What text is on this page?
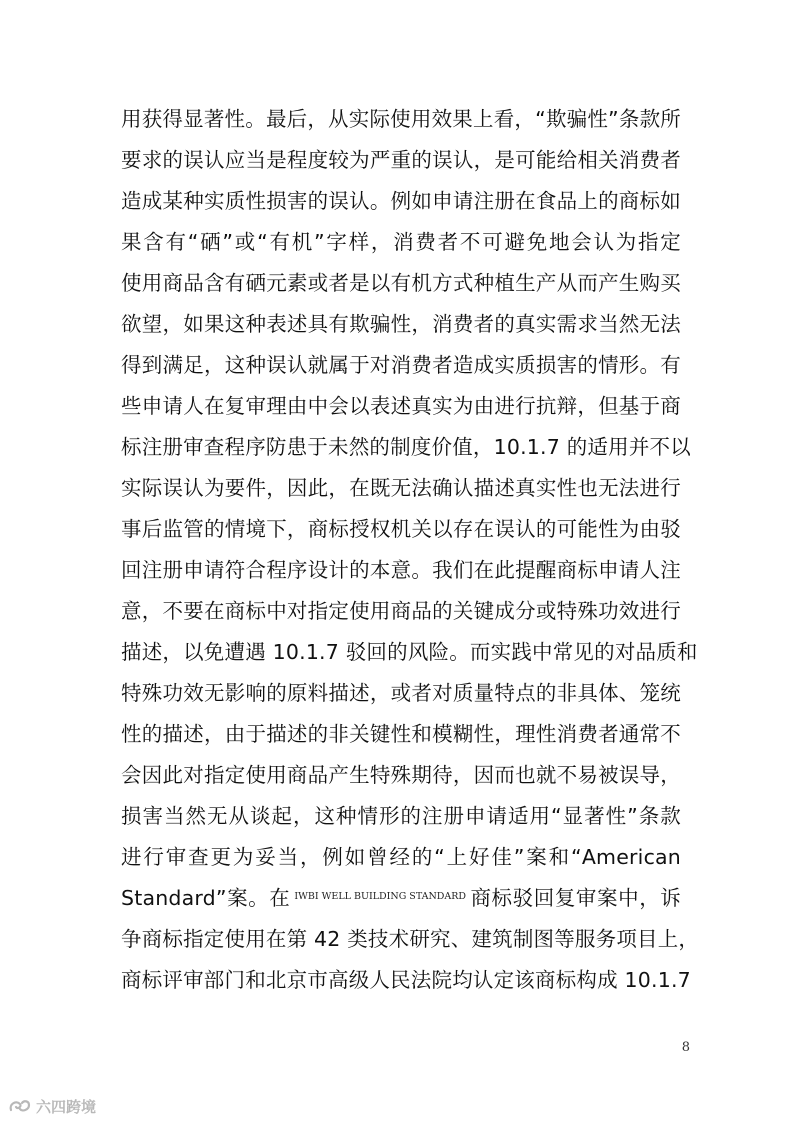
用获得显著性。最后，从实际使用效果上看，“欺骗性”条款所
要求的误认应当是程度较为严重的误认，是可能给相关消费者
造成某种实质性损害的误认。例如申请注册在食品上的商标如
果含有“硒”或“有机”字样，消费者不可避免地会认为指定
使用商品含有硒元素或者是以有机方式种植生产从而产生购买
欲望，如果这种表述具有欺骗性，消费者的真实需求当然无法
得到满足，这种误认就属于对消费者造成实质损害的情形。有
些申请人在复审理由中会以表述真实为由进行抗辩，但基于商
标注册审查程序防患于未然的制度价值，10.1.7 的适用并不以
实际误认为要件，因此，在既无法确认描述真实性也无法进行
事后监管的情境下，商标授权机关以存在误认的可能性为由驳
回注册申请符合程序设计的本意。我们在此提醒商标申请人注
意，不要在商标中对指定使用商品的关键成分或特殊功效进行
描述，以免遭遇 10.1.7 驳回的风险。而实践中常见的对品质和
特殊功效无影响的原料描述，或者对质量特点的非具体、笼统
性的描述，由于描述的非关键性和模糊性，理性消费者通常不
会因此对指定使用商品产生特殊期待，因而也就不易被误导，
损害当然无从谈起，这种情形的注册申请适用“显著性”条款
进行审查更为妥当，例如曾经的“上好佳”案和“American
Standard”案。在 IWBI WELL BUILDING STANDARD 商标驳回复审案中，诉
争商标指定使用在第 42 类技术研究、建筑制图等服务项目上，
商标评审部门和北京市高级人民法院均认定该商标构成 10.1.7
8
六四跨境
